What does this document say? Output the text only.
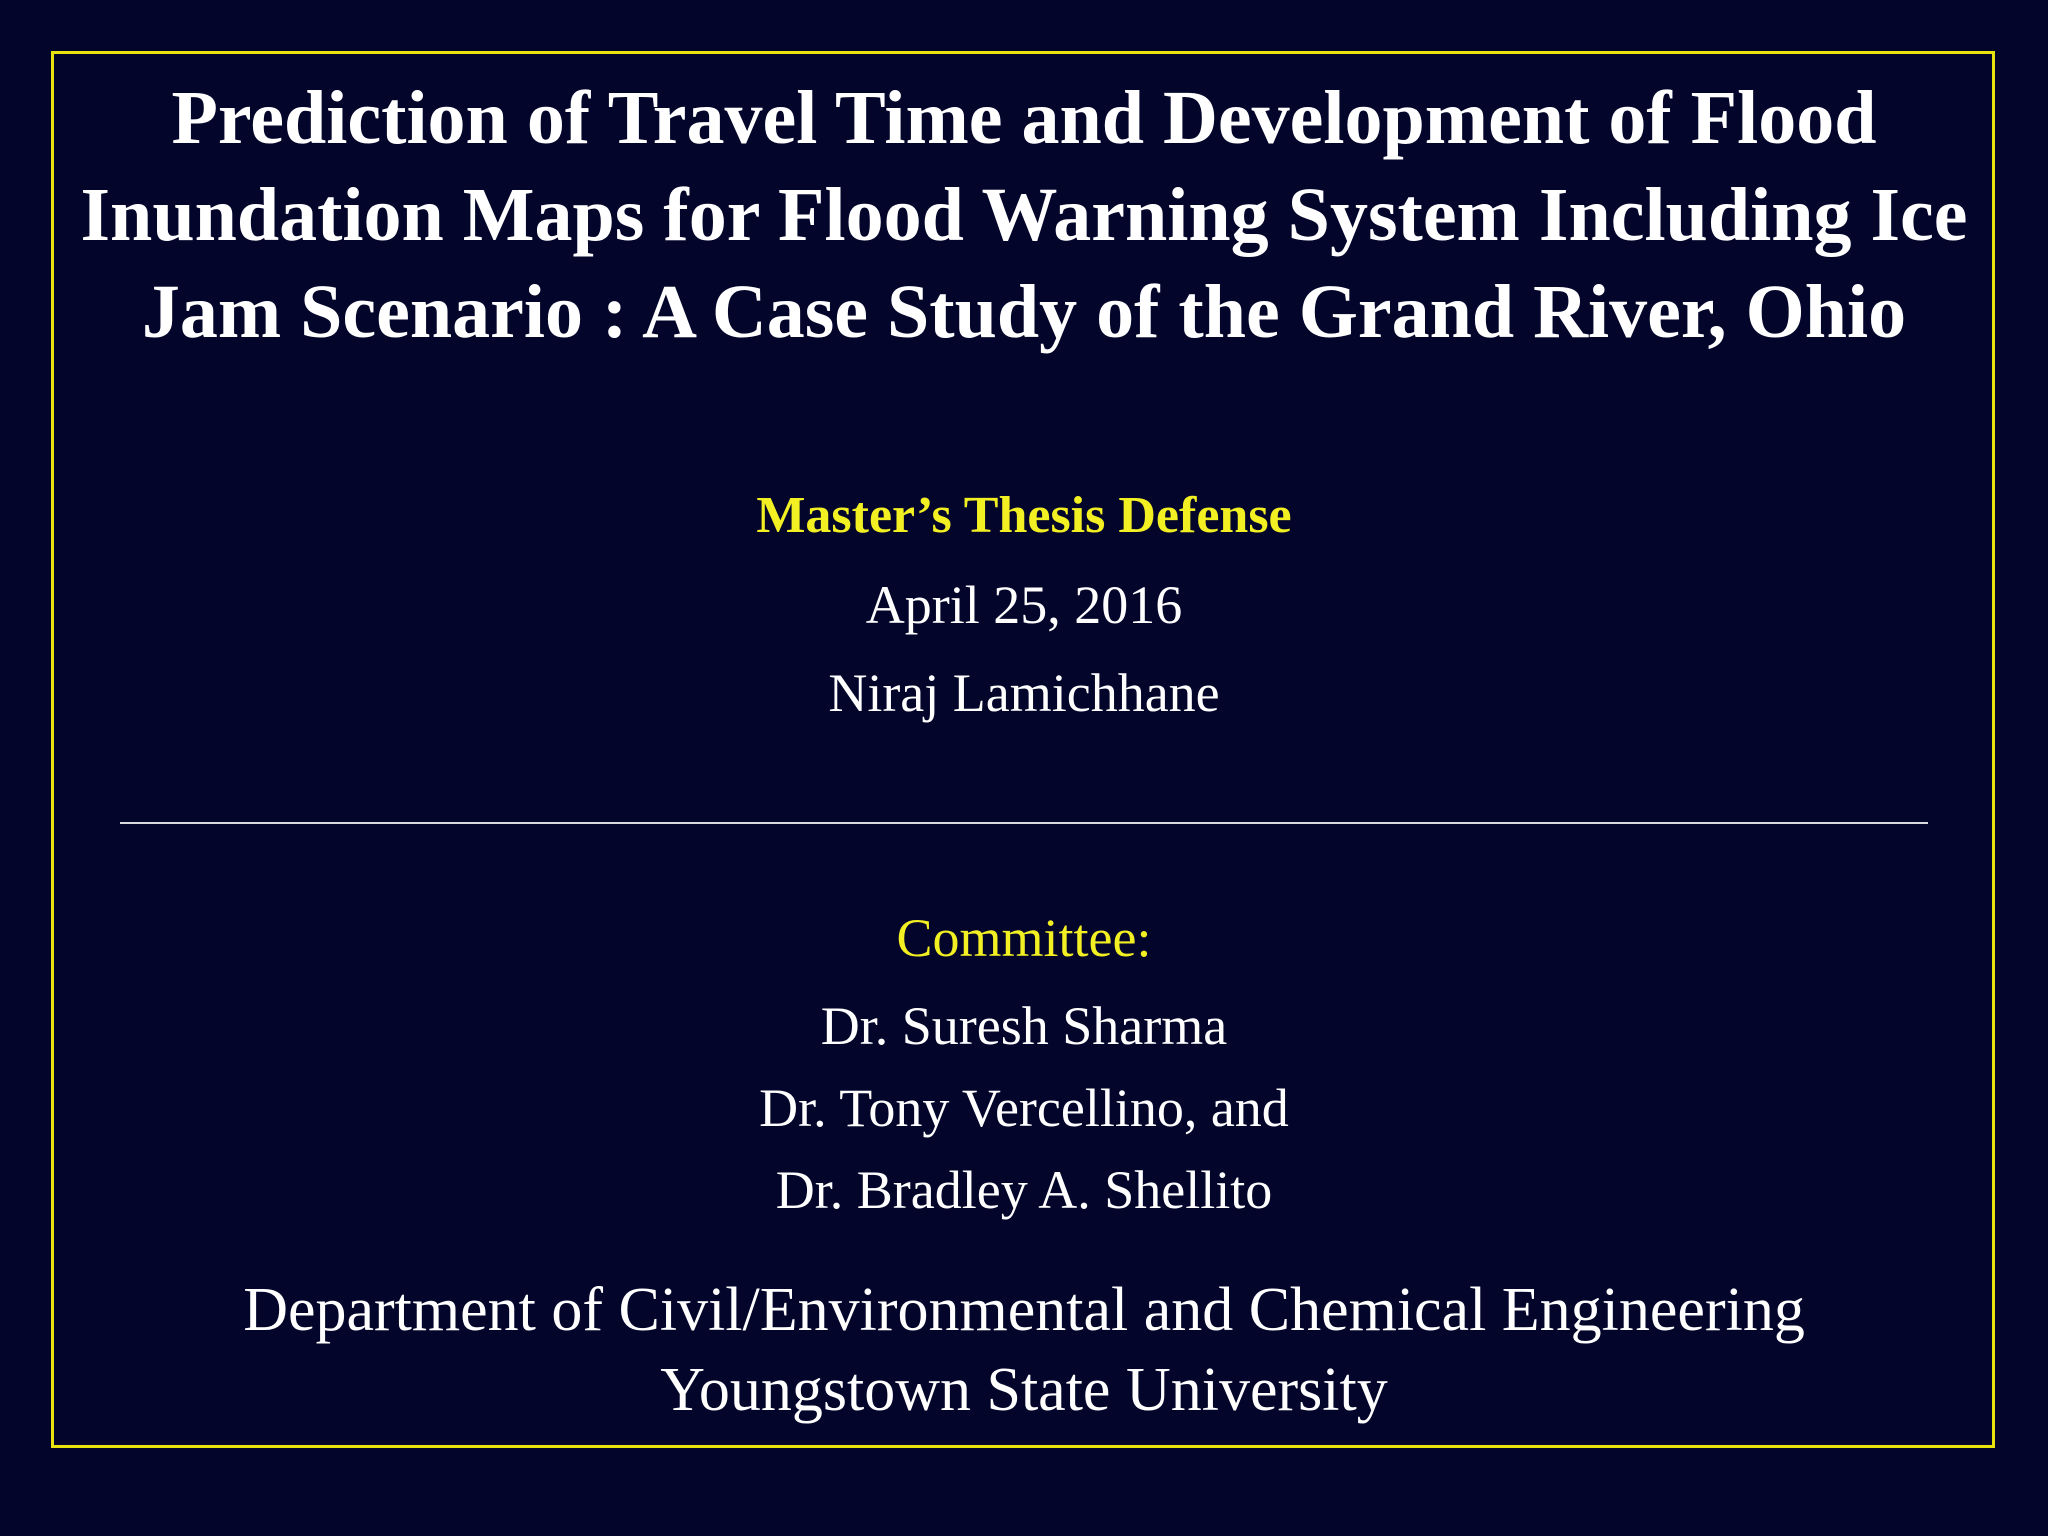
Prediction of Travel Time and Development of Flood
Inundation Maps for Flood Warning System Including Ice
Jam Scenario : A Case Study of the Grand River, Ohio

Master’s Thesis Defense

April 25, 2016

Niraj Lamichhane

Committee:

Dr. Suresh Sharma
Dr. Tony Vercellino, and
Dr. Bradley A. Shellito

Department of Civil/Environmental and Chemical Engineering
Youngstown State University
